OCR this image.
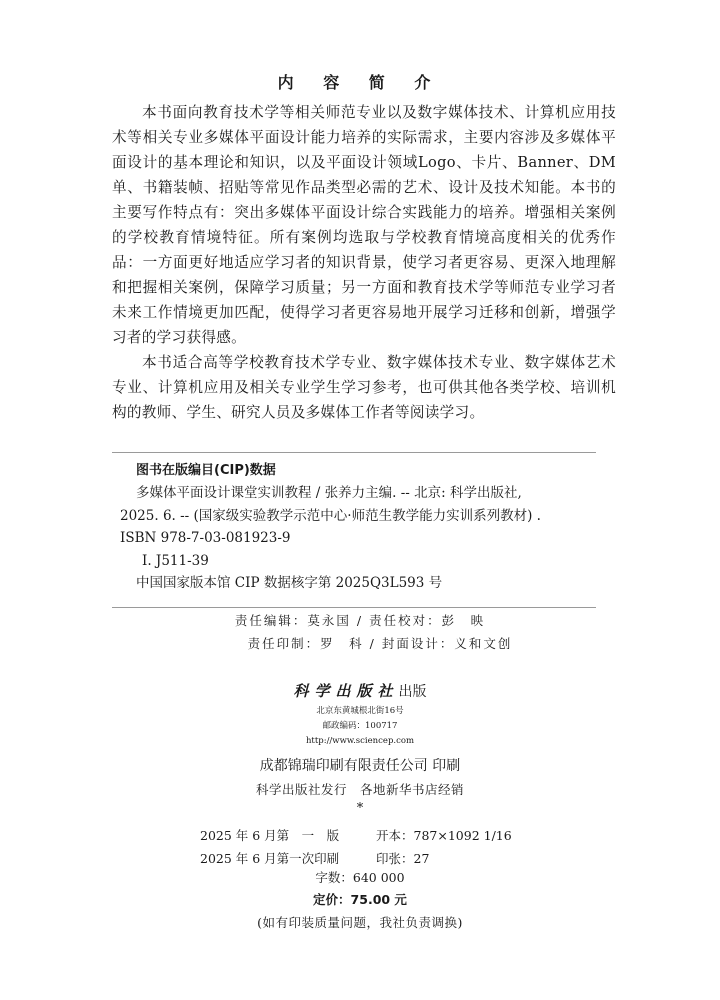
内 容 简 介

本书面向教育技术学等相关师范专业以及数字媒体技术、计算机应用技术等相关专业多媒体平面设计能力培养的实际需求，主要内容涉及多媒体平面设计的基本理论和知识，以及平面设计领域Logo、卡片、Banner、DM单、书籍装帧、招贴等常见作品类型必需的艺术、设计及技术知能。本书的主要写作特点有：突出多媒体平面设计综合实践能力的培养。增强相关案例的学校教育情境特征。所有案例均选取与学校教育情境高度相关的优秀作品：一方面更好地适应学习者的知识背景，使学习者更容易、更深入地理解和把握相关案例，保障学习质量；另一方面和教育技术学等师范专业学习者未来工作情境更加匹配，使得学习者更容易地开展学习迁移和创新，增强学习者的学习获得感。

本书适合高等学校教育技术学专业、数字媒体技术专业、数字媒体艺术专业、计算机应用及相关专业学生学习参考，也可供其他各类学校、培训机构的教师、学生、研究人员及多媒体工作者等阅读学习。

图书在版编目(CIP)数据
多媒体平面设计课堂实训教程 / 张养力主编. -- 北京: 科学出版社,
2025. 6. -- (国家级实验教学示范中心·师范生教学能力实训系列教材) .
ISBN 978-7-03-081923-9
Ⅰ. J511-39
中国国家版本馆 CIP 数据核字第 2025Q3L593 号
责任编辑：莫永国 / 责任校对：彭　映
责任印制：罗　科 / 封面设计：义和文创
科学出版社出版
北京东黄城根北街16号
邮政编码：100717
http://www.sciencep.com
成都锦瑞印刷有限责任公司 印刷
科学出版社发行　各地新华书店经销
*
2025 年 6 月第　一　版	开本：787×1092 1/16
2025 年 6 月第一次印刷	印张：27
字数：640 000
定价：75.00 元
(如有印装质量问题，我社负责调换)
